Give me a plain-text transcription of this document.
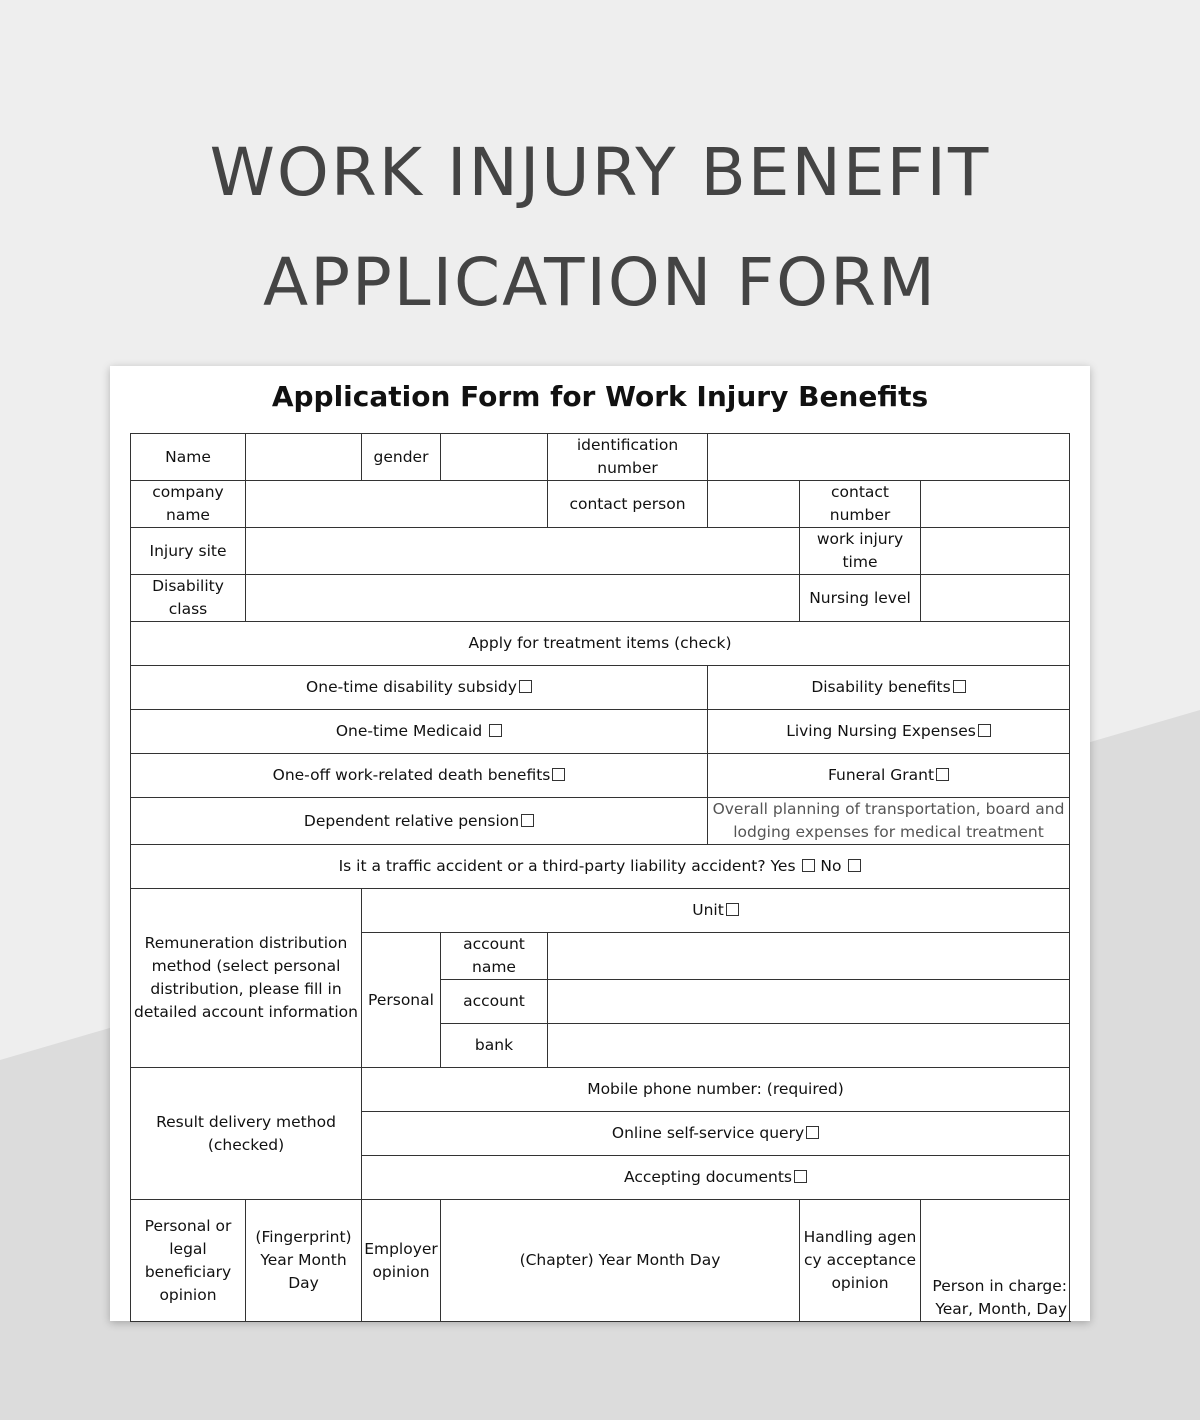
WORK INJURY BENEFIT
APPLICATION FORM
Application Form for Work Injury Benefits
Name		gender		identification number			
company name				contact person		contact number	
Injury site						work injury time	
Disability class						Nursing level	
Apply for treatment items (check)							
One-time disability subsidy					Disability benefits		
One-time Medicaid					Living Nursing Expenses		
One-off work-related death benefits					Funeral Grant		
Dependent relative pension					Overall planning of transportation, board and lodging expenses for medical treatment		
Is it a traffic accident or a third-party liability accident? Yes No							
Remuneration distribution method (select personal distribution, please fill in detailed account information		Unit					
		Personal	account name				
			account				
			bank				
Result delivery method (checked)		Mobile phone number: (required)					
		Online self-service query					
		Accepting documents					
Personal or legal beneficiary opinion	(Fingerprint) Year Month Day	Employer opinion	(Chapter) Year Month Day			Handling agency acceptance opinion	Person in charge: Year, Month, Day
